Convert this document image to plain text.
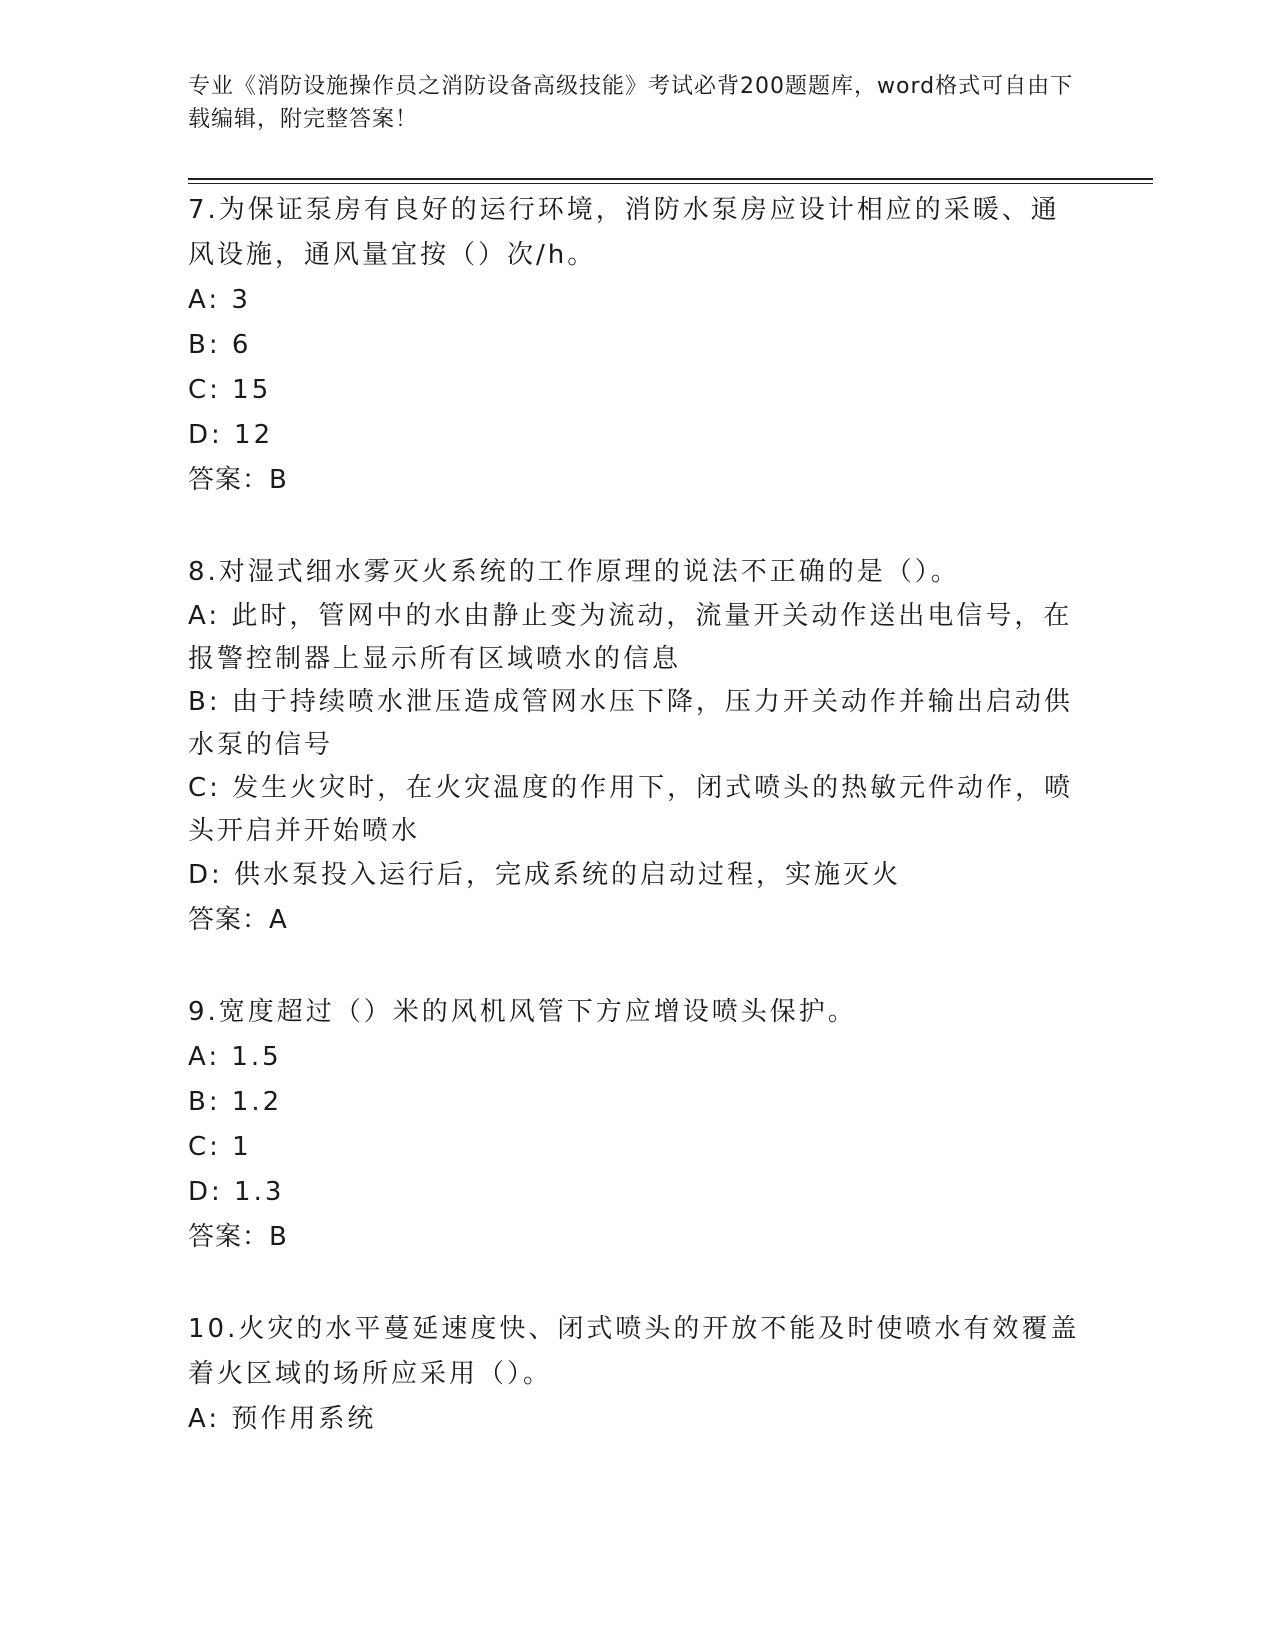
专业《消防设施操作员之消防设备高级技能》考试必背200题题库，word格式可自由下载编辑，附完整答案！

7.为保证泵房有良好的运行环境，消防水泵房应设计相应的采暖、通风设施，通风量宜按（）次/h。

A: 3

B: 6

C: 15

D: 12

答案：B

8.对湿式细水雾灭火系统的工作原理的说法不正确的是（）。

A: 此时，管网中的水由静止变为流动，流量开关动作送出电信号，在报警控制器上显示所有区域喷水的信息

B: 由于持续喷水泄压造成管网水压下降，压力开关动作并输出启动供水泵的信号

C: 发生火灾时，在火灾温度的作用下，闭式喷头的热敏元件动作，喷头开启并开始喷水

D: 供水泵投入运行后，完成系统的启动过程，实施灭火

答案：A

9.宽度超过（）米的风机风管下方应增设喷头保护。

A: 1.5

B: 1.2

C: 1

D: 1.3

答案：B

10.火灾的水平蔓延速度快、闭式喷头的开放不能及时使喷水有效覆盖着火区域的场所应采用（）。

A: 预作用系统
